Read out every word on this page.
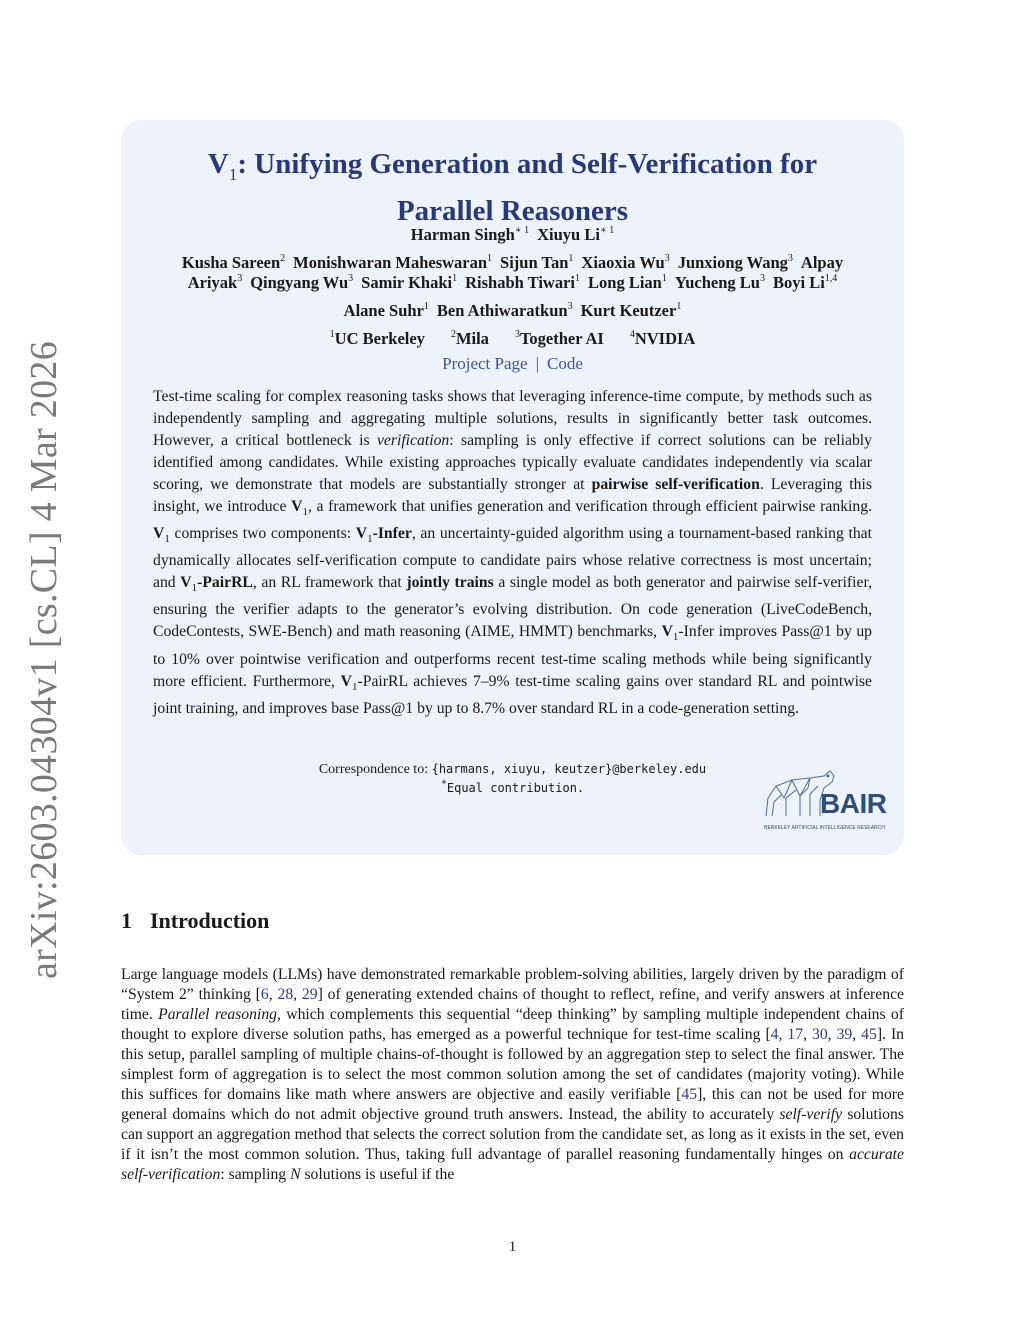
arXiv:2603.04304v1 [cs.CL] 4 Mar 2026
$V_1$: Unifying Generation and Self-Verification for
Parallel Reasoners
Harman Singh$^{∗ 1}$ Xiuyu $Li^{∗ 1}$
Kusha Sareen$^2$ Monishwaran Maheswaran$^1$ Sijun Tan$^1$ Xiaoxia Wu$^3$ Junxiong Wang$^3$ Alpay
Ariyak$^3$ Qingyang Wu$^3$ Samir Khaki$^1$ Rishabh Tiwari$^1$ Long Lian$^1$ Yucheng Lu$^3$ Boyi Li$^{1,4}$
Alane Suhr$^1$ Ben Athiwaratkun$^3$ Kurt Keutzer$^1$
$^1$UC Berkeley	$^2$Mila	$^3$Together AI	$^4$NVIDIA
Project Page | Code

Test-time scaling for complex reasoning tasks shows that leveraging inference-time compute, by methods such as independently sampling and aggregating multiple solutions, results in significantly better task outcomes. However, a critical bottleneck is verification: sampling is only effective if correct solutions can be reliably identified among candidates. While existing approaches typically evaluate candidates independently via scalar scoring, we demonstrate that models are substantially stronger at pairwise self-verification. Leveraging this insight, we introduce $V_1$, a framework that unifies generation and verification through efficient pairwise ranking. $V_1$ comprises two components: $V_1$-Infer, an uncertainty-guided algorithm using a tournament-based ranking that dynamically allocates self-verification compute to candidate pairs whose relative correctness is most uncertain; and $V_1$-PairRL, an RL framework that jointly trains a single model as both generator and pairwise self-verifier, ensuring the verifier adapts to the generator’s evolving distribution. On code generation (LiveCodeBench, CodeContests, SWE-Bench) and math reasoning (AIME, HMMT) benchmarks, $V_1$-Infer improves Pass@1 by up to 10% over pointwise verification and outperforms recent test-time scaling methods while being significantly more efficient. Furthermore, $V_1$-PairRL achieves 7–9% test-time scaling gains over standard RL and pointwise joint training, and improves base Pass@1 by up to 8.7% over standard RL in a code-generation setting.

Correspondence to: {harmans, xiuyu, keutzer}@berkeley.edu
∗Equal contribution.	BAIR
BERKELEY ARTIFICIAL INTELLIGENCE RESEARCH
1 Introduction

Large language models (LLMs) have demonstrated remarkable problem-solving abilities, largely driven by the paradigm of “System 2” thinking [6, 28, 29] of generating extended chains of thought to reflect, refine, and verify answers at inference time. Parallel reasoning, which complements this sequential “deep thinking” by sampling multiple independent chains of thought to explore diverse solution paths, has emerged as a powerful technique for test-time scaling [4, 17, 30, 39, 45]. In this setup, parallel sampling of multiple chains-of-thought is followed by an aggregation step to select the final answer. The simplest form of aggregation is to select the most common solution among the set of candidates (majority voting). While this suffices for domains like math where answers are objective and easily verifiable [45], this can not be used for more general domains which do not admit objective ground truth answers. Instead, the ability to accurately self-verify solutions can support an aggregation method that selects the correct solution from the candidate set, as long as it exists in the set, even if it isn’t the most common solution. Thus, taking full advantage of parallel reasoning fundamentally hinges on accurate self-verification: sampling N solutions is useful if the

1
